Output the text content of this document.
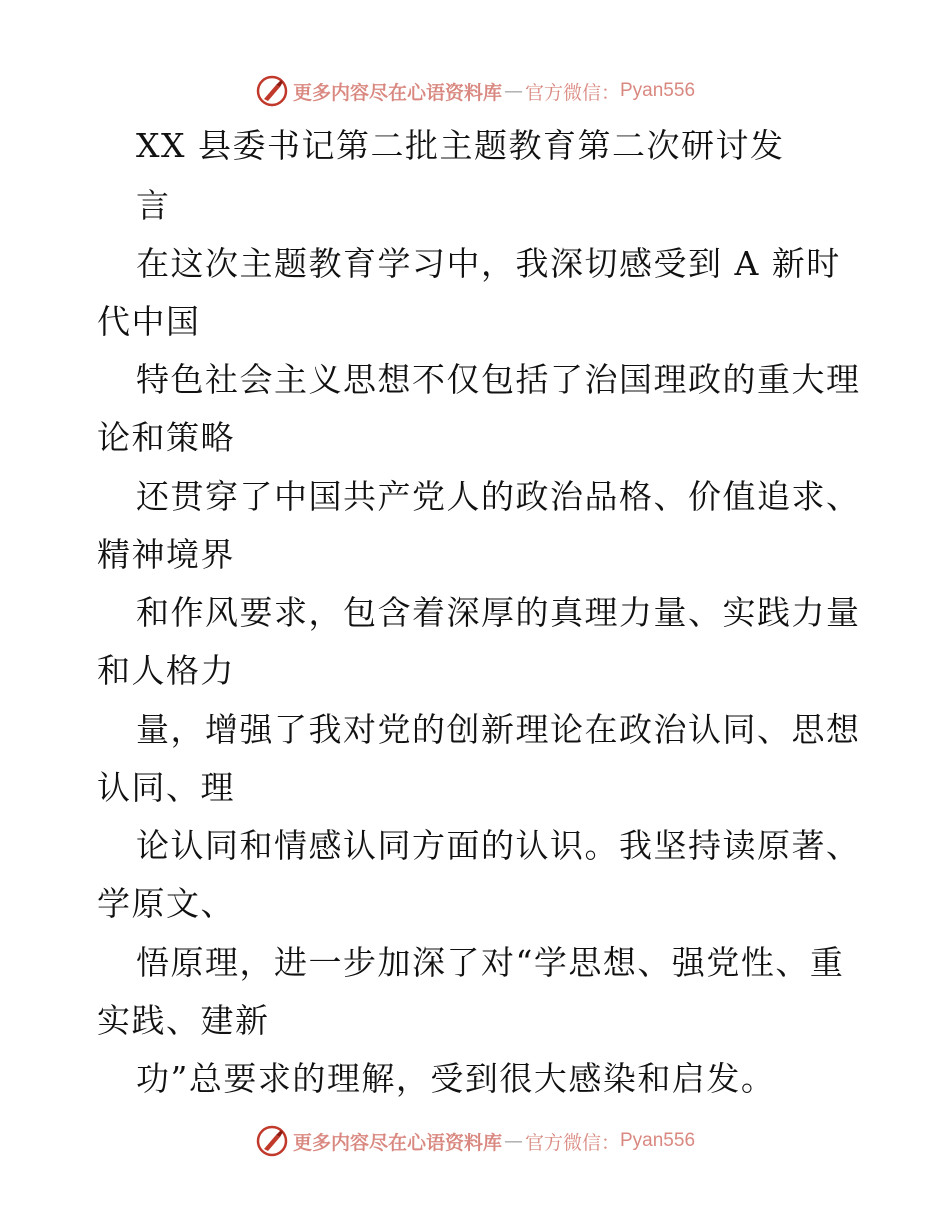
更多内容尽在心语资料库 — 官方微信： Pyan556
XX 县委书记第二批主题教育第二次研讨发
言
在这次主题教育学习中，我深切感受到 A 新时
代中国
特色社会主义思想不仅包括了治国理政的重大理
论和策略
还贯穿了中国共产党人的政治品格、价值追求、
精神境界
和作风要求，包含着深厚的真理力量、实践力量
和人格力
量，增强了我对党的创新理论在政治认同、思想
认同、理
论认同和情感认同方面的认识。我坚持读原著、
学原文、
悟原理，进一步加深了对“学思想、强党性、重
实践、建新
功”总要求的理解，受到很大感染和启发。
更多内容尽在心语资料库 — 官方微信： Pyan556
